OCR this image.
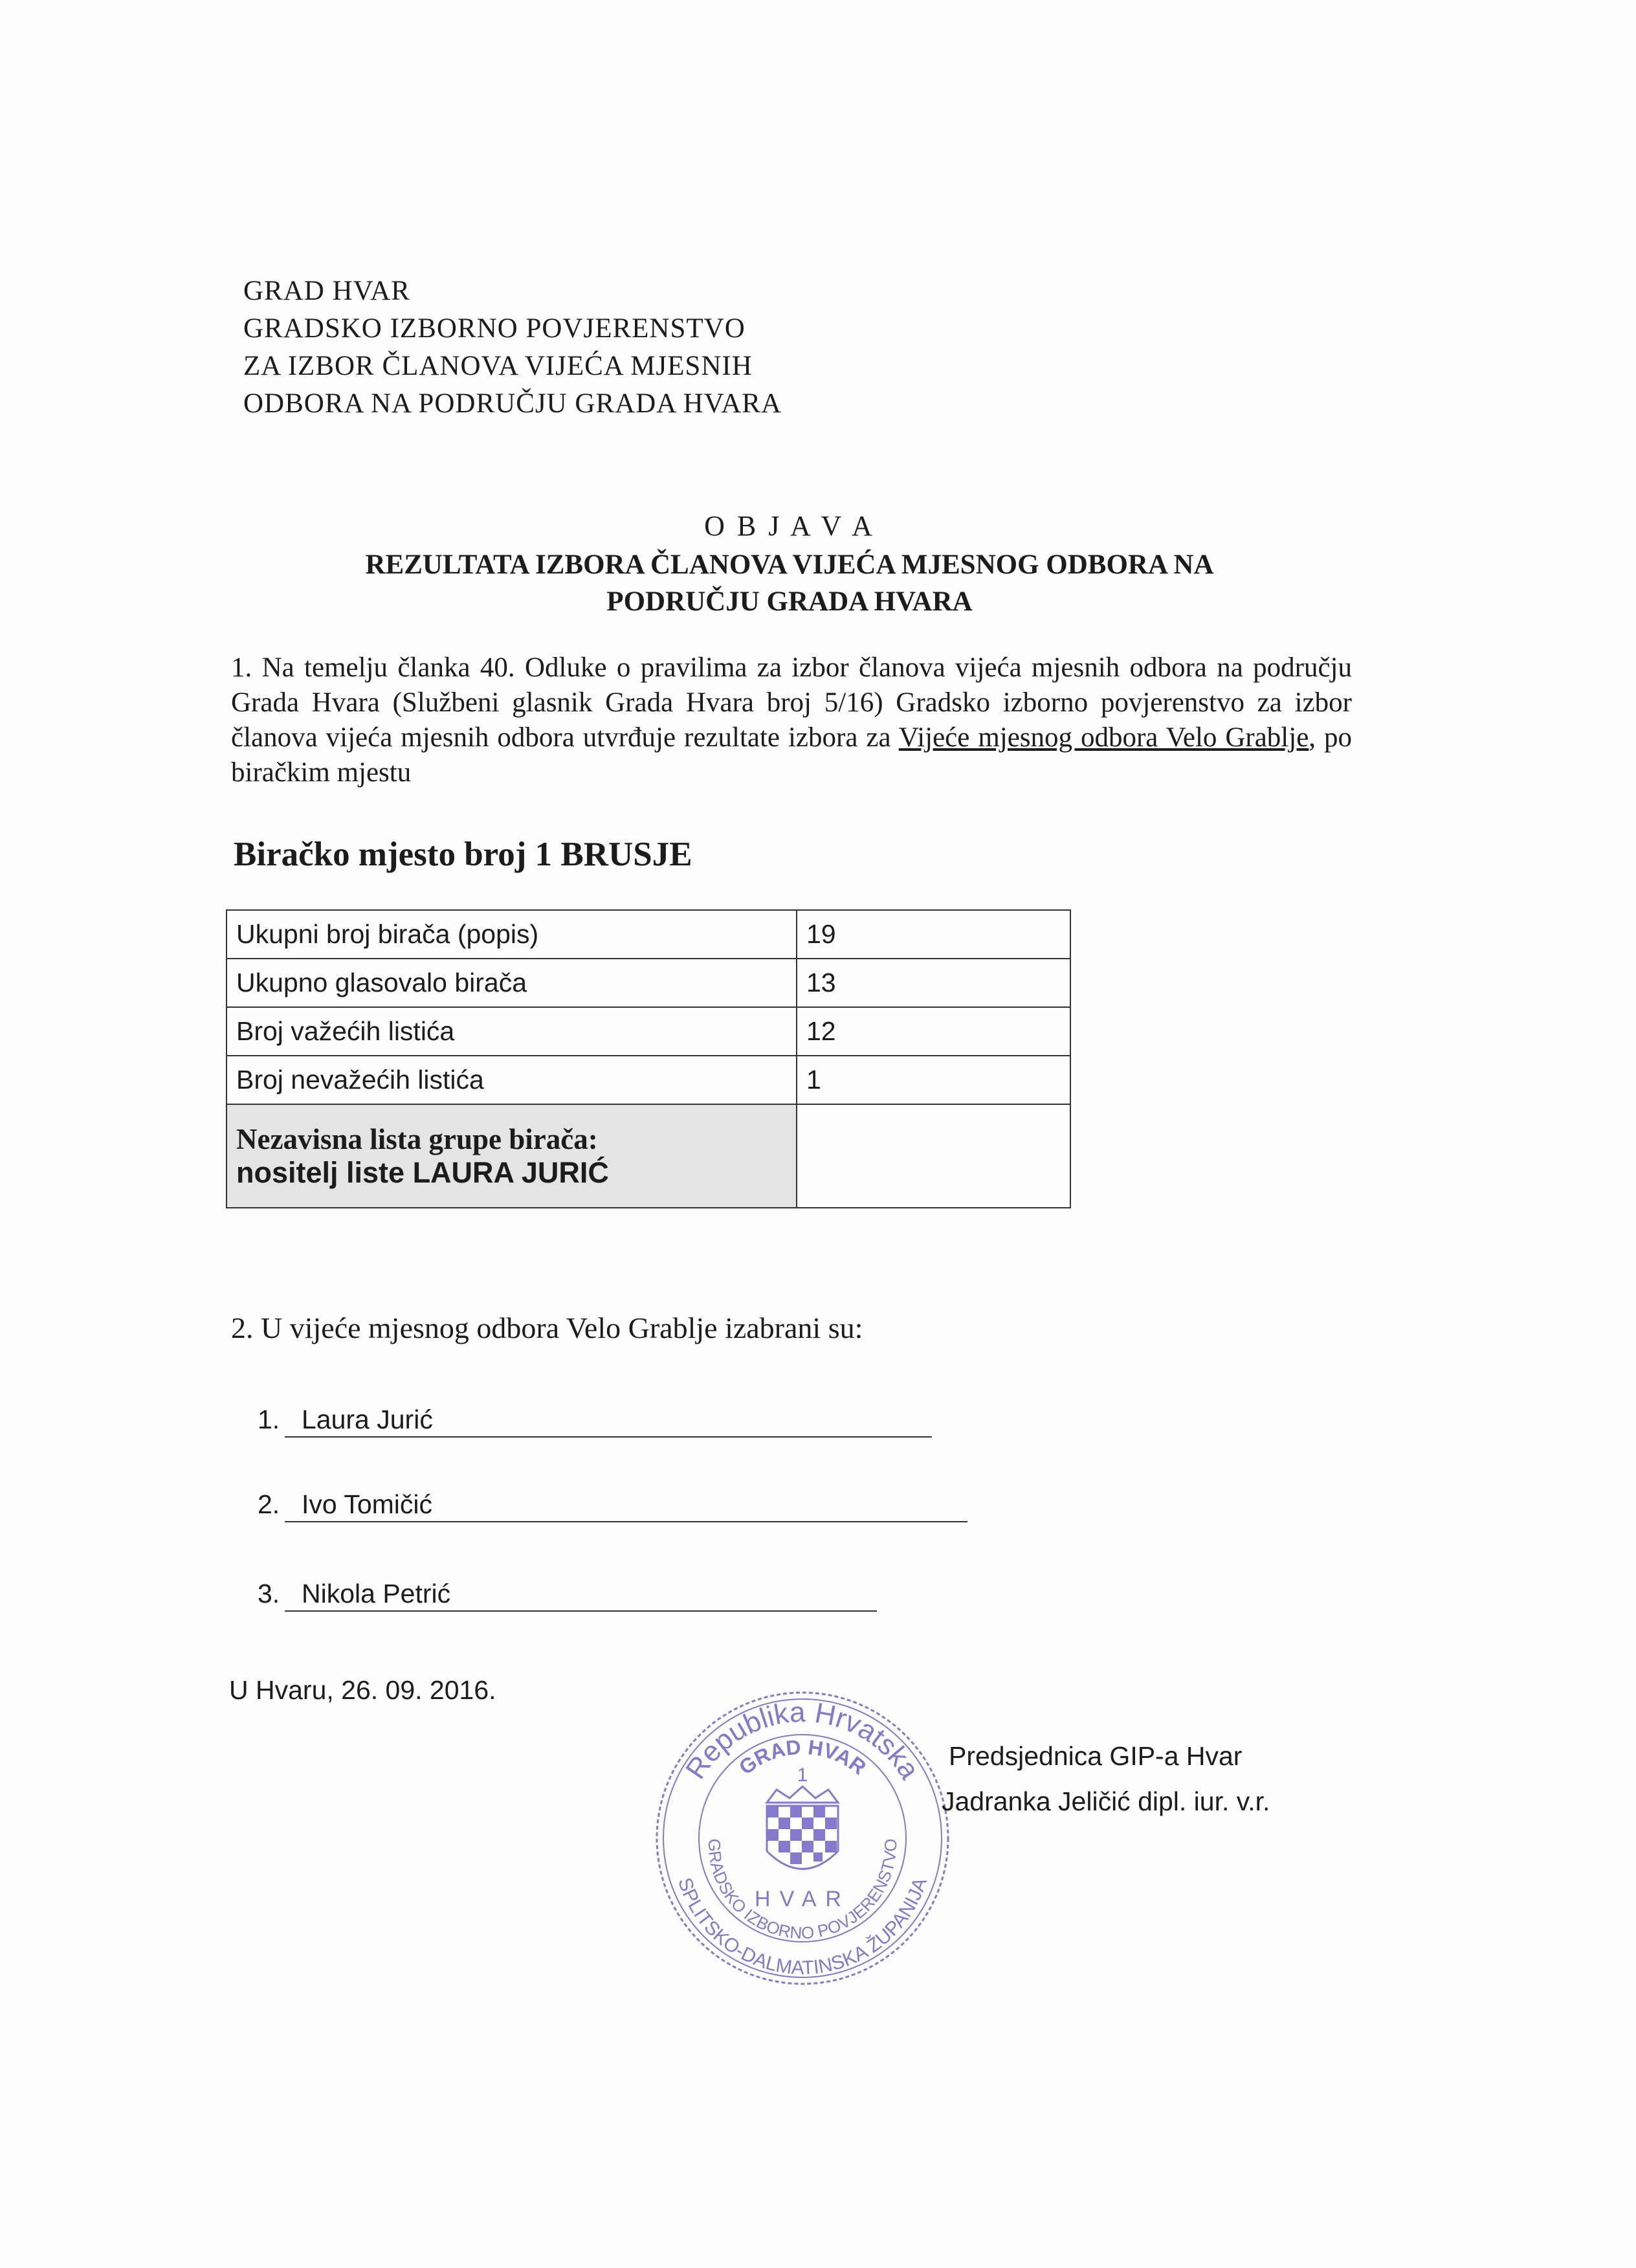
GRAD HVAR
GRADSKO IZBORNO POVJERENSTVO
ZA IZBOR ČLANOVA VIJEĆA MJESNIH
ODBORA NA PODRUČJU GRADA HVARA
O B J A V A
REZULTATA IZBORA ČLANOVA VIJEĆA MJESNOG ODBORA NA
PODRUČJU GRADA HVARA
1. Na temelju članka 40. Odluke o pravilima za izbor članova vijeća mjesnih odbora na području Grada Hvara (Službeni glasnik Grada Hvara broj 5/16) Gradsko izborno povjerenstvo za izbor članova vijeća mjesnih odbora utvrđuje rezultate izbora za Vijeće mjesnog odbora Velo Grablje, po biračkim mjestu
Biračko mjesto broj 1 BRUSJE
Ukupni broj birača (popis)	19
Ukupno glasovalo birača	13
Broj važećih listića	12
Broj nevažećih listića	1

Nezavisna lista grupe birača:
nositelj liste LAURA JURIĆ	

2. U vijeće mjesnog odbora Velo Grablje izabrani su:
1. Laura Jurić
2. Ivo Tomičić
3. Nikola Petrić
U Hvaru, 26. 09. 2016.
Republika Hrvatska
SPLITSKO-DALMATINSKA ŽUPANIJA
GRAD HVAR
GRADSKO IZBORNO POVJERENSTVO
1
HVAR
Predsjednica GIP-a Hvar
Jadranka Jeličić dipl. iur. v.r.
